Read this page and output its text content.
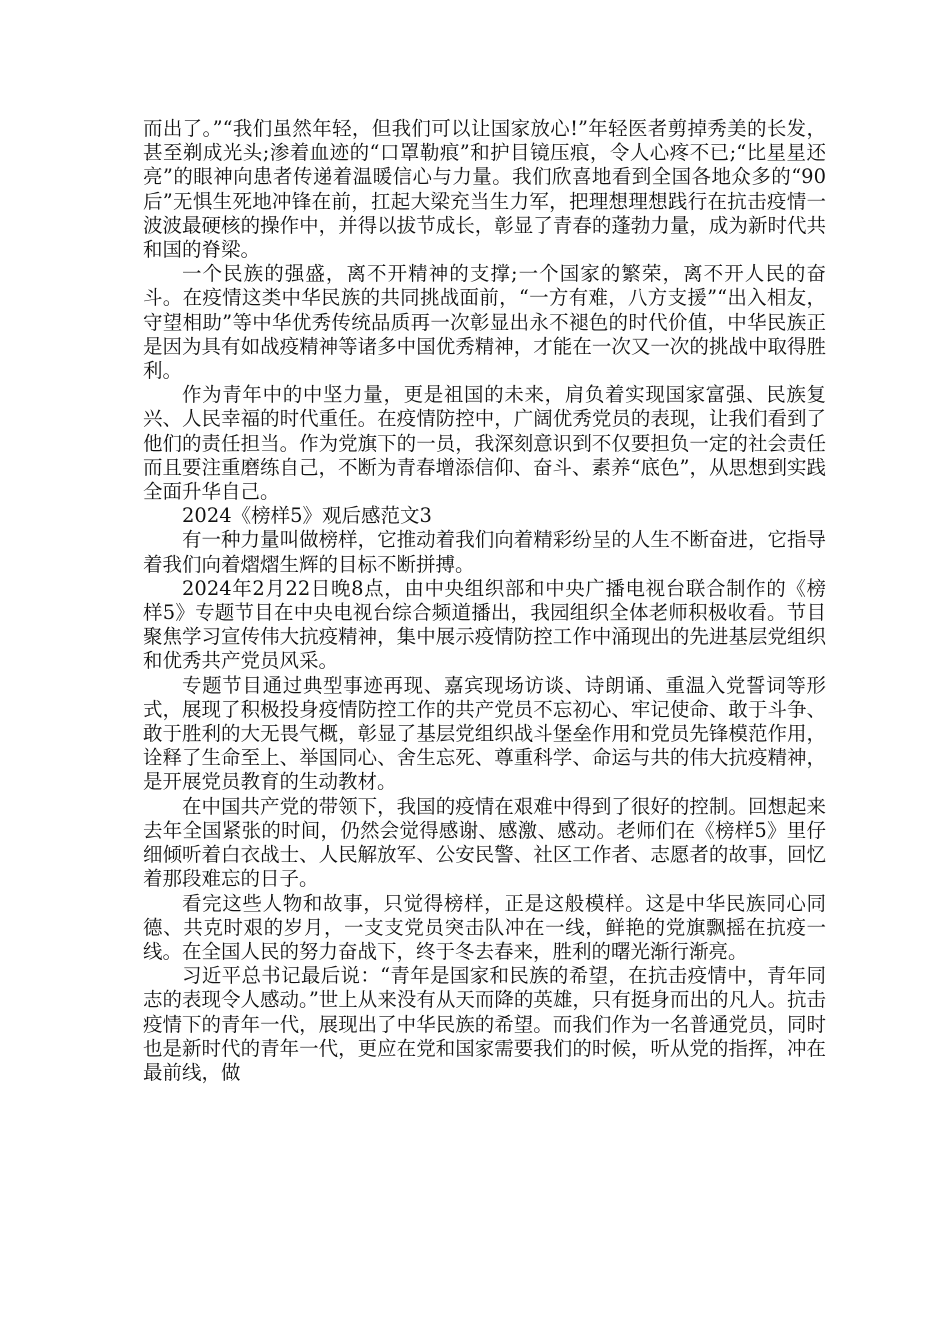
而出了。”“我们虽然年轻，但我们可以让国家放心!”年轻医者剪掉秀美的长发，甚至剃成光头;渗着血迹的“口罩勒痕”和护目镜压痕，令人心疼不已;“比星星还亮”的眼神向患者传递着温暖信心与力量。我们欣喜地看到全国各地众多的“90后”无惧生死地冲锋在前，扛起大梁充当生力军，把理想理想践行在抗击疫情一波波最硬核的操作中，并得以拔节成长，彰显了青春的蓬勃力量，成为新时代共和国的脊梁。

一个民族的强盛，离不开精神的支撑;一个国家的繁荣，离不开人民的奋斗。在疫情这类中华民族的共同挑战面前，“一方有难，八方支援”“出入相友，守望相助”等中华优秀传统品质再一次彰显出永不褪色的时代价值，中华民族正是因为具有如战疫精神等诸多中国优秀精神，才能在一次又一次的挑战中取得胜利。

作为青年中的中坚力量，更是祖国的未来，肩负着实现国家富强、民族复兴、人民幸福的时代重任。在疫情防控中，广阔优秀党员的表现，让我们看到了他们的责任担当。作为党旗下的一员，我深刻意识到不仅要担负一定的社会责任而且要注重磨练自己，不断为青春增添信仰、奋斗、素养“底色”，从思想到实践全面升华自己。

2024《榜样5》观后感范文3

有一种力量叫做榜样，它推动着我们向着精彩纷呈的人生不断奋进，它指导着我们向着熠熠生辉的目标不断拼搏。

2024年2月22日晚8点，由中央组织部和中央广播电视台联合制作的《榜样5》专题节目在中央电视台综合频道播出，我园组织全体老师积极收看。节目聚焦学习宣传伟大抗疫精神，集中展示疫情防控工作中涌现出的先进基层党组织和优秀共产党员风采。

专题节目通过典型事迹再现、嘉宾现场访谈、诗朗诵、重温入党誓词等形式，展现了积极投身疫情防控工作的共产党员不忘初心、牢记使命、敢于斗争、敢于胜利的大无畏气概，彰显了基层党组织战斗堡垒作用和党员先锋模范作用，诠释了生命至上、举国同心、舍生忘死、尊重科学、命运与共的伟大抗疫精神，是开展党员教育的生动教材。

在中国共产党的带领下，我国的疫情在艰难中得到了很好的控制。回想起来去年全国紧张的时间，仍然会觉得感谢、感激、感动。老师们在《榜样5》里仔细倾听着白衣战士、人民解放军、公安民警、社区工作者、志愿者的故事，回忆着那段难忘的日子。

看完这些人物和故事，只觉得榜样，正是这般模样。这是中华民族同心同德、共克时艰的岁月，一支支党员突击队冲在一线，鲜艳的党旗飘摇在抗疫一线。在全国人民的努力奋战下，终于冬去春来，胜利的曙光渐行渐亮。

习近平总书记最后说：“青年是国家和民族的希望，在抗击疫情中，青年同志的表现令人感动。”世上从来没有从天而降的英雄，只有挺身而出的凡人。抗击疫情下的青年一代，展现出了中华民族的希望。而我们作为一名普通党员，同时也是新时代的青年一代，更应在党和国家需要我们的时候，听从党的指挥，冲在最前线，做
